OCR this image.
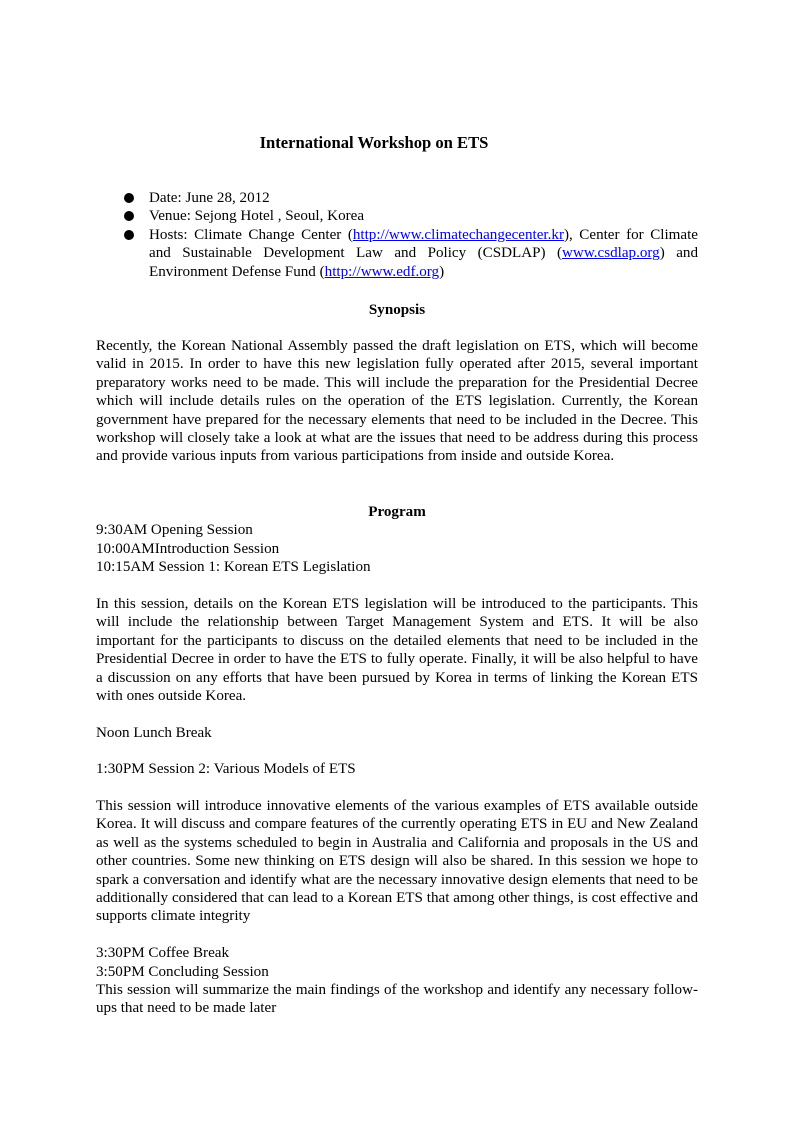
International Workshop on ETS
Date: June 28, 2012
Venue: Sejong Hotel , Seoul, Korea
Hosts: Climate Change Center (http://www.climatechangecenter.kr), Center for Climate and Sustainable Development Law and Policy (CSDLAP) (www.csdlap.org) and Environment Defense Fund (http://www.edf.org)
Synopsis

Recently, the Korean National Assembly passed the draft legislation on ETS, which will become valid in 2015. In order to have this new legislation fully operated after 2015, several important preparatory works need to be made. This will include the preparation for the Presidential Decree which will include details rules on the operation of the ETS legislation. Currently, the Korean government have prepared for the necessary elements that need to be included in the Decree. This workshop will closely take a look at what are the issues that need to be address during this process and provide various inputs from various participations from inside and outside Korea.

Program

9:30AM Opening Session

10:00AMIntroduction Session

10:15AM Session 1: Korean ETS Legislation

In this session, details on the Korean ETS legislation will be introduced to the participants. This will include the relationship between Target Management System and ETS. It will be also important for the participants to discuss on the detailed elements that need to be included in the Presidential Decree in order to have the ETS to fully operate. Finally, it will be also helpful to have a discussion on any efforts that have been pursued by Korea in terms of linking the Korean ETS with ones outside Korea.

Noon Lunch Break

1:30PM Session 2: Various Models of ETS

This session will introduce innovative elements of the various examples of ETS available outside Korea. It will discuss and compare features of the currently operating ETS in EU and New Zealand as well as the systems scheduled to begin in Australia and California and proposals in the US and other countries. Some new thinking on ETS design will also be shared. In this session we hope to spark a conversation and identify what are the necessary innovative design elements that need to be additionally considered that can lead to a Korean ETS that among other things, is cost effective and supports climate integrity

3:30PM Coffee Break

3:50PM Concluding Session

This session will summarize the main findings of the workshop and identify any necessary follow-ups that need to be made later
